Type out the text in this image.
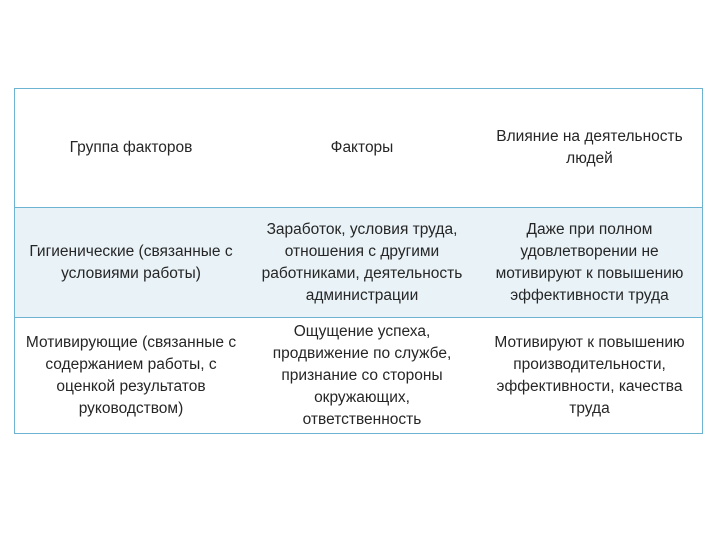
Группа факторов	Факторы
Влияние на деятельность
людей
Гигиенические (связанные с
условиями работы)
Заработок, условия труда,
отношения с другими
работниками, деятельность
администрации
Даже при полном
удовлетворении не
мотивируют к повышению
эффективности труда
Мотивирующие (связанные с
содержанием работы, с
оценкой результатов
руководством)
Ощущение успеха,
продвижение по службе,
признание со стороны
окружающих,
ответственность
Мотивируют к повышению
производительности,
эффективности, качества
труда
